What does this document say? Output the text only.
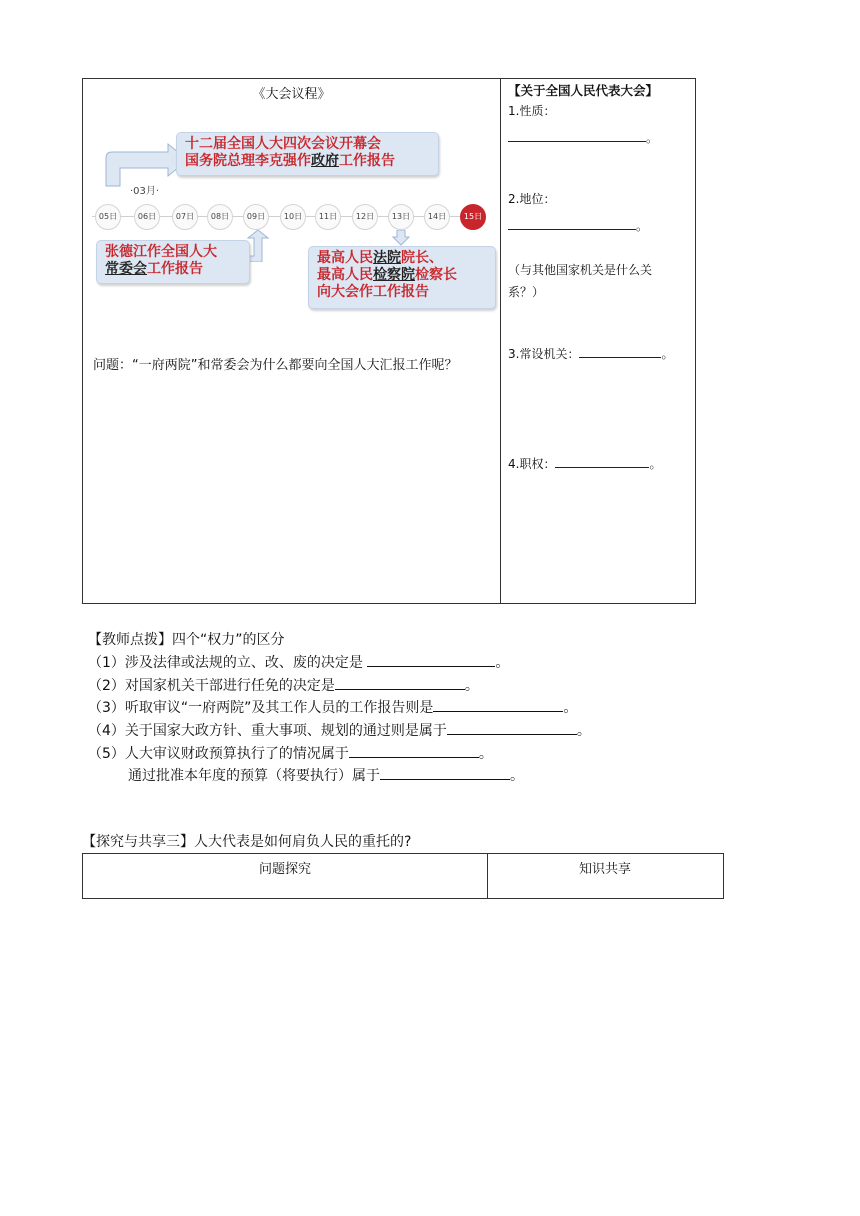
《大会议程》
问题：“一府两院”和常委会为什么都要向全国人大汇报工作呢？
【关于全国人民代表大会】
1.性质：
。
2.地位：
。
（与其他国家机关是什么关系？）
3.常设机关：	。
4.职权：	。
·03月·
十二届全国人大四次会议开幕会
国务院总理李克强作政府工作报告
05日	06日	07日	08日	09日	10日	11日	12日	13日	14日	15日
张德江作全国人大
常委会工作报告
最高人民法院院长、
最高人民检察院检察长
向大会作工作报告
【教师点拨】四个“权力”的区分
（1）涉及法律或法规的立、改、废的决定是	。
（2）对国家机关干部进行任免的决定是	。
（3）听取审议“一府两院”及其工作人员的工作报告则是	。
（4）关于国家大政方针、重大事项、规划的通过则是属于	。
（5）人大审议财政预算执行了的情况属于	。
通过批准本年度的预算（将要执行）属于	。
【探究与共享三】人大代表是如何肩负人民的重托的?
问题探究	知识共享
